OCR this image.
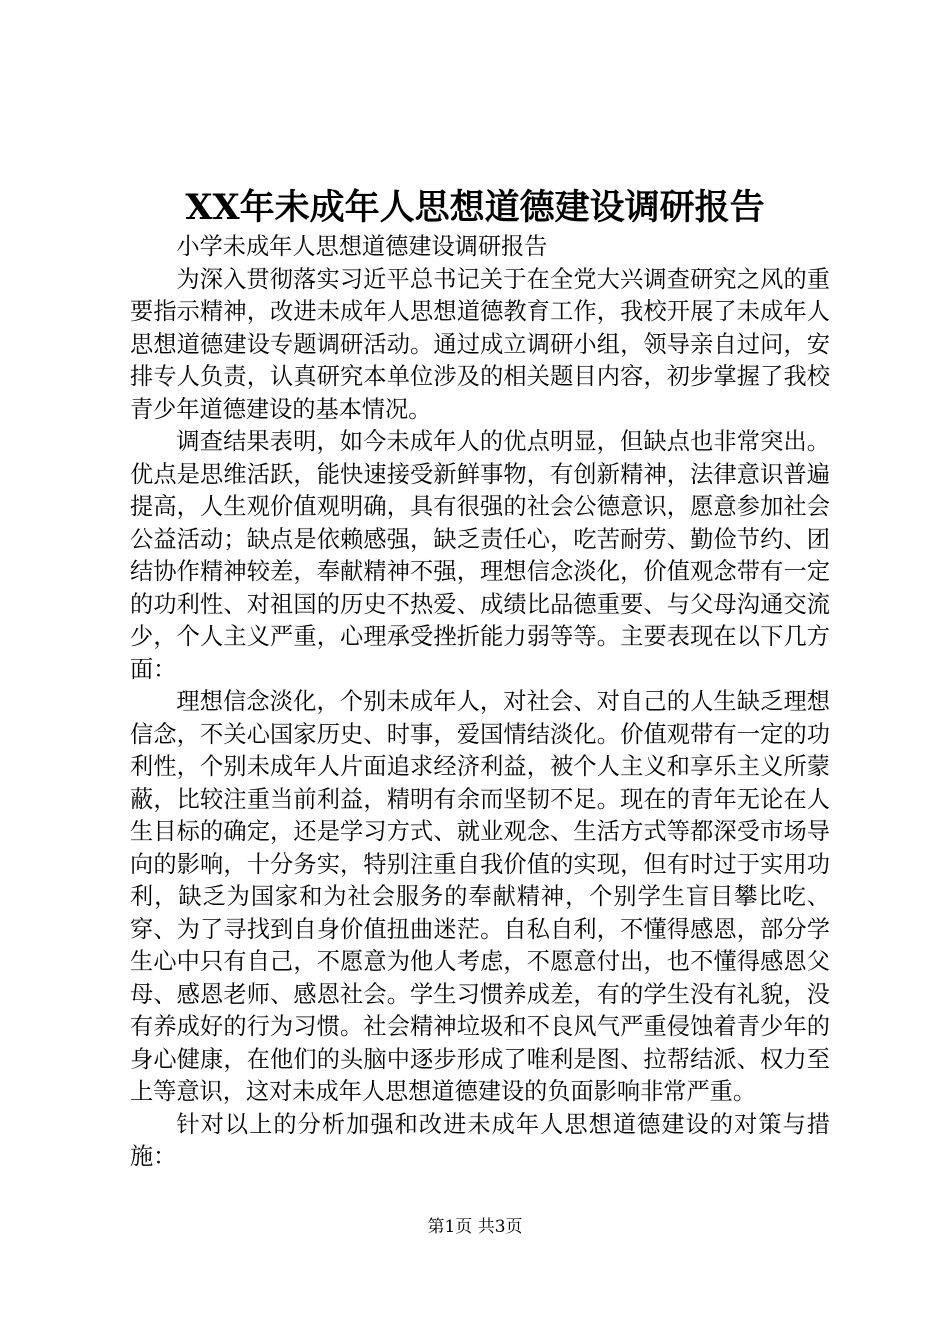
XX年未成年人思想道德建设调研报告

小学未成年人思想道德建设调研报告

为深入贯彻落实习近平总书记关于在全党大兴调查研究之风的重要指示精神，改进未成年人思想道德教育工作，我校开展了未成年人思想道德建设专题调研活动。通过成立调研小组，领导亲自过问，安排专人负责，认真研究本单位涉及的相关题目内容，初步掌握了我校青少年道德建设的基本情况。

调查结果表明，如今未成年人的优点明显，但缺点也非常突出。优点是思维活跃，能快速接受新鲜事物，有创新精神，法律意识普遍提高，人生观价值观明确，具有很强的社会公德意识，愿意参加社会公益活动；缺点是依赖感强，缺乏责任心，吃苦耐劳、勤俭节约、团结协作精神较差，奉献精神不强，理想信念淡化，价值观念带有一定的功利性、对祖国的历史不热爱、成绩比品德重要、与父母沟通交流少，个人主义严重，心理承受挫折能力弱等等。主要表现在以下几方面：

理想信念淡化，个别未成年人，对社会、对自己的人生缺乏理想信念，不关心国家历史、时事，爱国情结淡化。价值观带有一定的功利性，个别未成年人片面追求经济利益，被个人主义和享乐主义所蒙蔽，比较注重当前利益，精明有余而坚韧不足。现在的青年无论在人生目标的确定，还是学习方式、就业观念、生活方式等都深受市场导向的影响，十分务实，特别注重自我价值的实现，但有时过于实用功利，缺乏为国家和为社会服务的奉献精神，个别学生盲目攀比吃、穿、为了寻找到自身价值扭曲迷茫。自私自利，不懂得感恩，部分学生心中只有自己，不愿意为他人考虑，不愿意付出，也不懂得感恩父母、感恩老师、感恩社会。学生习惯养成差，有的学生没有礼貌，没有养成好的行为习惯。社会精神垃圾和不良风气严重侵蚀着青少年的身心健康，在他们的头脑中逐步形成了唯利是图、拉帮结派、权力至上等意识，这对未成年人思想道德建设的负面影响非常严重。

针对以上的分析加强和改进未成年人思想道德建设的对策与措施：

第1页 共3页
